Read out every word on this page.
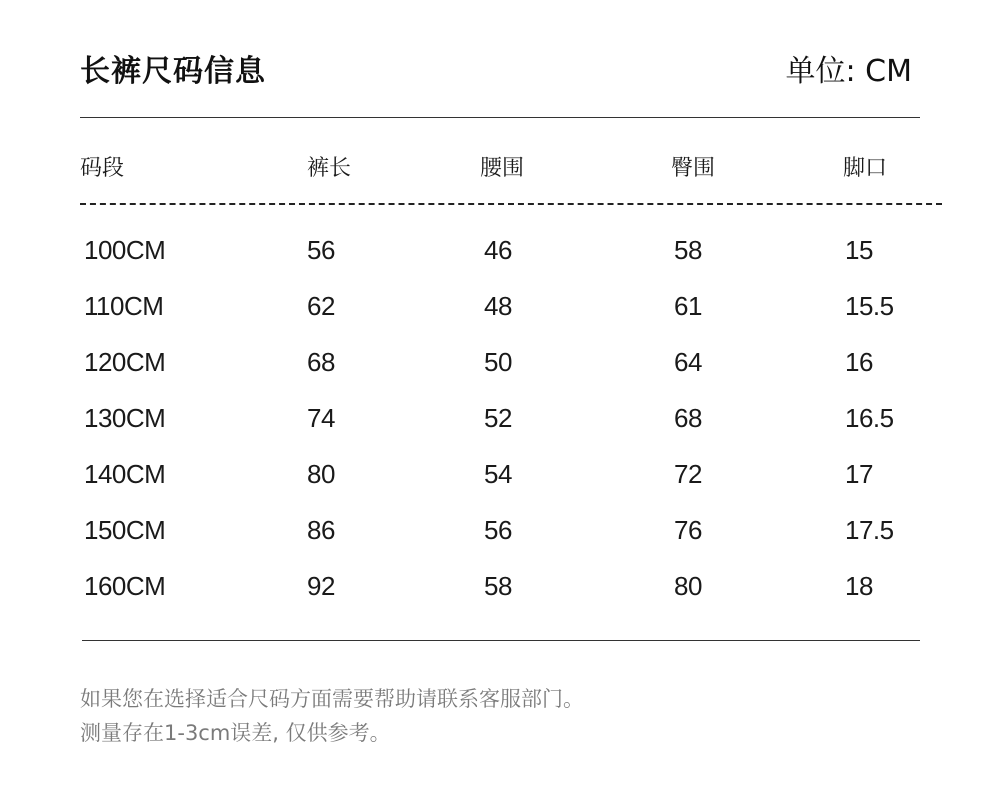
长裤尺码信息	单位: CM
码段	裤长	腰围	臀围	脚口
100CM	56	46	58	15
110CM	62	48	61	15.5
120CM	68	50	64	16
130CM	74	52	68	16.5
140CM	80	54	72	17
150CM	86	56	76	17.5
160CM	92	58	80	18
如果您在选择适合尺码方面需要帮助请联系客服部门。
测量存在1-3cm误差, 仅供参考。
